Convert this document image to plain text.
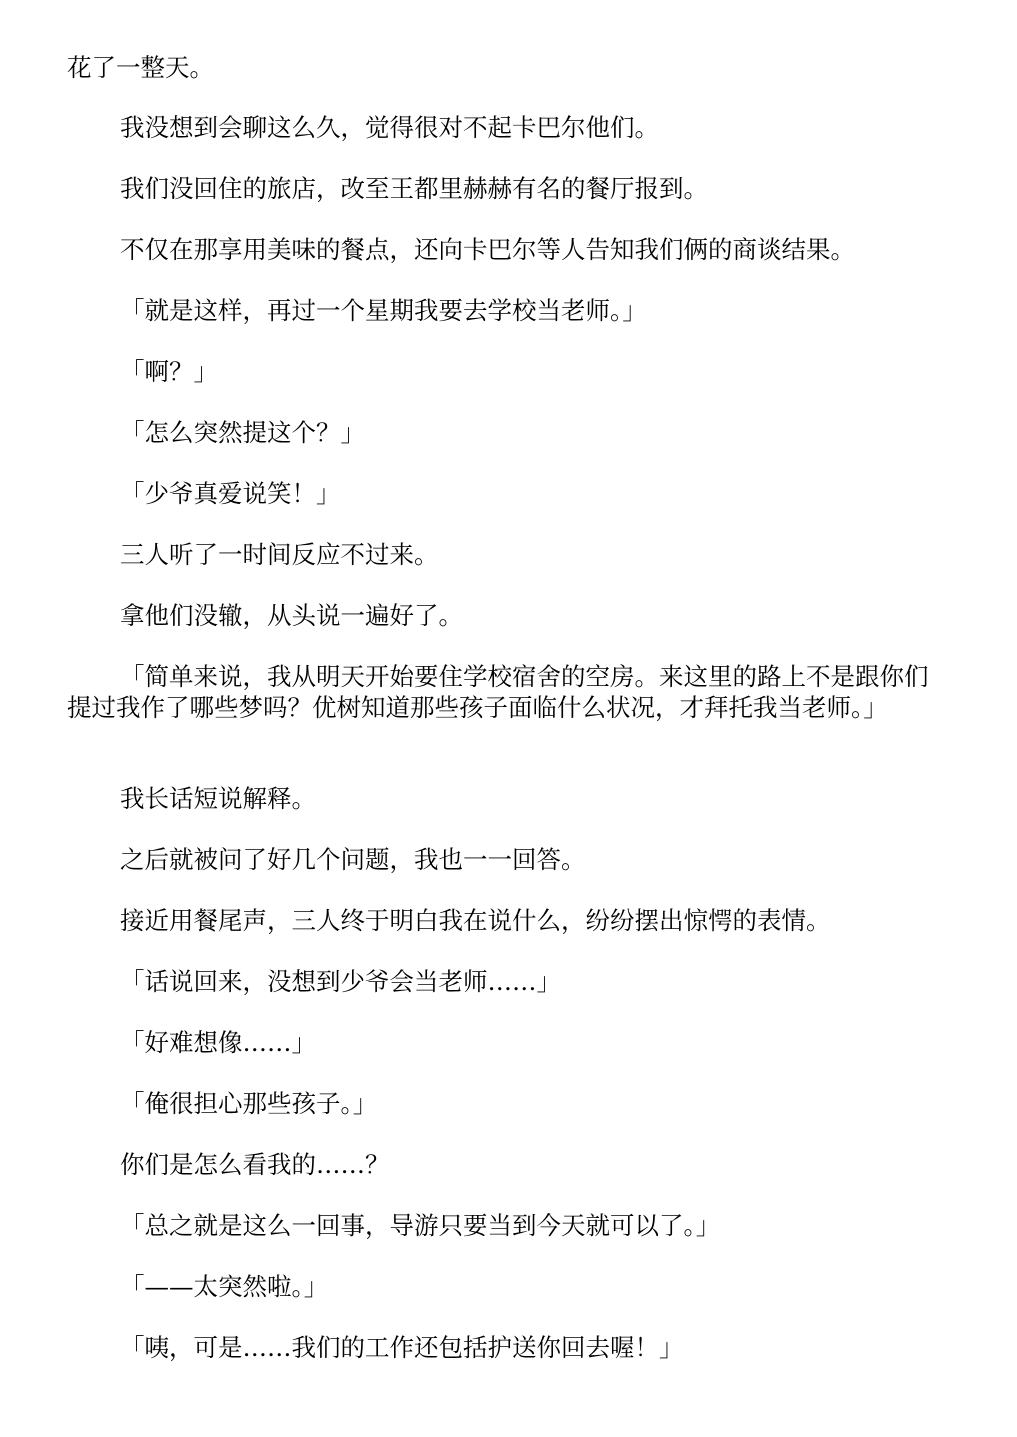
花了一整天。

我没想到会聊这么久，觉得很对不起卡巴尔他们。

我们没回住的旅店，改至王都里赫赫有名的餐厅报到。

不仅在那享用美味的餐点，还向卡巴尔等人告知我们俩的商谈结果。

「就是这样，再过一个星期我要去学校当老师。」

「啊？」

「怎么突然提这个？」

「少爷真爱说笑！」

三人听了一时间反应不过来。

拿他们没辙，从头说一遍好了。

「简单来说，我从明天开始要住学校宿舍的空房。来这里的路上不是跟你们提过我作了哪些梦吗？优树知道那些孩子面临什么状况，才拜托我当老师。」

我长话短说解释。

之后就被问了好几个问题，我也一一回答。

接近用餐尾声，三人终于明白我在说什么，纷纷摆出惊愕的表情。

「话说回来，没想到少爷会当老师……」

「好难想像……」

「俺很担心那些孩子。」

你们是怎么看我的……？

「总之就是这么一回事，导游只要当到今天就可以了。」

「——太突然啦。」

「咦，可是……我们的工作还包括护送你回去喔！」
